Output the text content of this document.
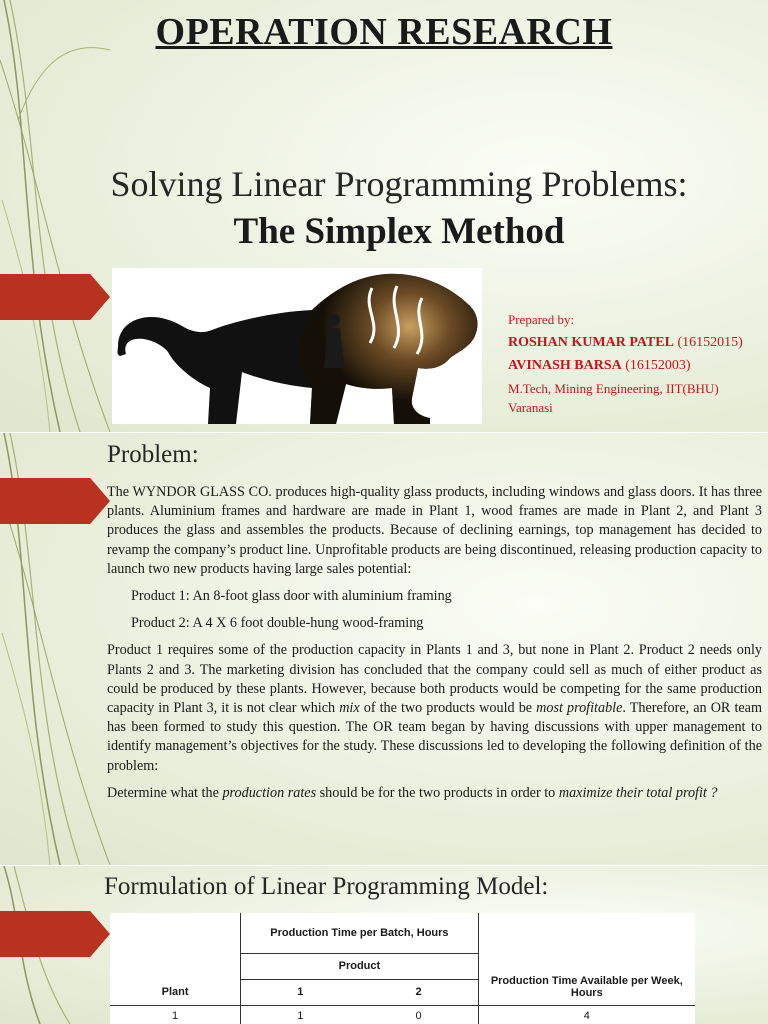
OPERATION RESEARCH
Solving Linear Programming Problems:
The Simplex Method
Prepared by:
ROSHAN KUMAR PATEL (16152015)
AVINASH BARSA (16152003)
M.Tech, Mining Engineering, IIT(BHU) Varanasi
Problem:

The WYNDOR GLASS CO. produces high-quality glass products, including windows and glass doors. It has three plants. Aluminium frames and hardware are made in Plant 1, wood frames are made in Plant 2, and Plant 3 produces the glass and assembles the products. Because of declining earnings, top management has decided to revamp the company’s product line. Unprofitable products are being discontinued, releasing production capacity to launch two new products having large sales potential:

Product 1: An 8-foot glass door with aluminium framing
Product 2: A 4 X 6 foot double-hung wood-framing

Product 1 requires some of the production capacity in Plants 1 and 3, but none in Plant 2. Product 2 needs only Plants 2 and 3. The marketing division has concluded that the company could sell as much of either product as could be produced by these plants. However, because both products would be competing for the same production capacity in Plant 3, it is not clear which mix of the two products would be most profitable. Therefore, an OR team has been formed to study this question. The OR team began by having discussions with upper management to identify management’s objectives for the study. These discussions led to developing the following definition of the problem:

Determine what the production rates should be for the two products in order to maximize their total profit ?

Formulation of Linear Programming Model:
	Production Time per Batch, Hours		Production Time Available per Week, Hours
	Product		
Plant	1	2	
1	1	0	4
